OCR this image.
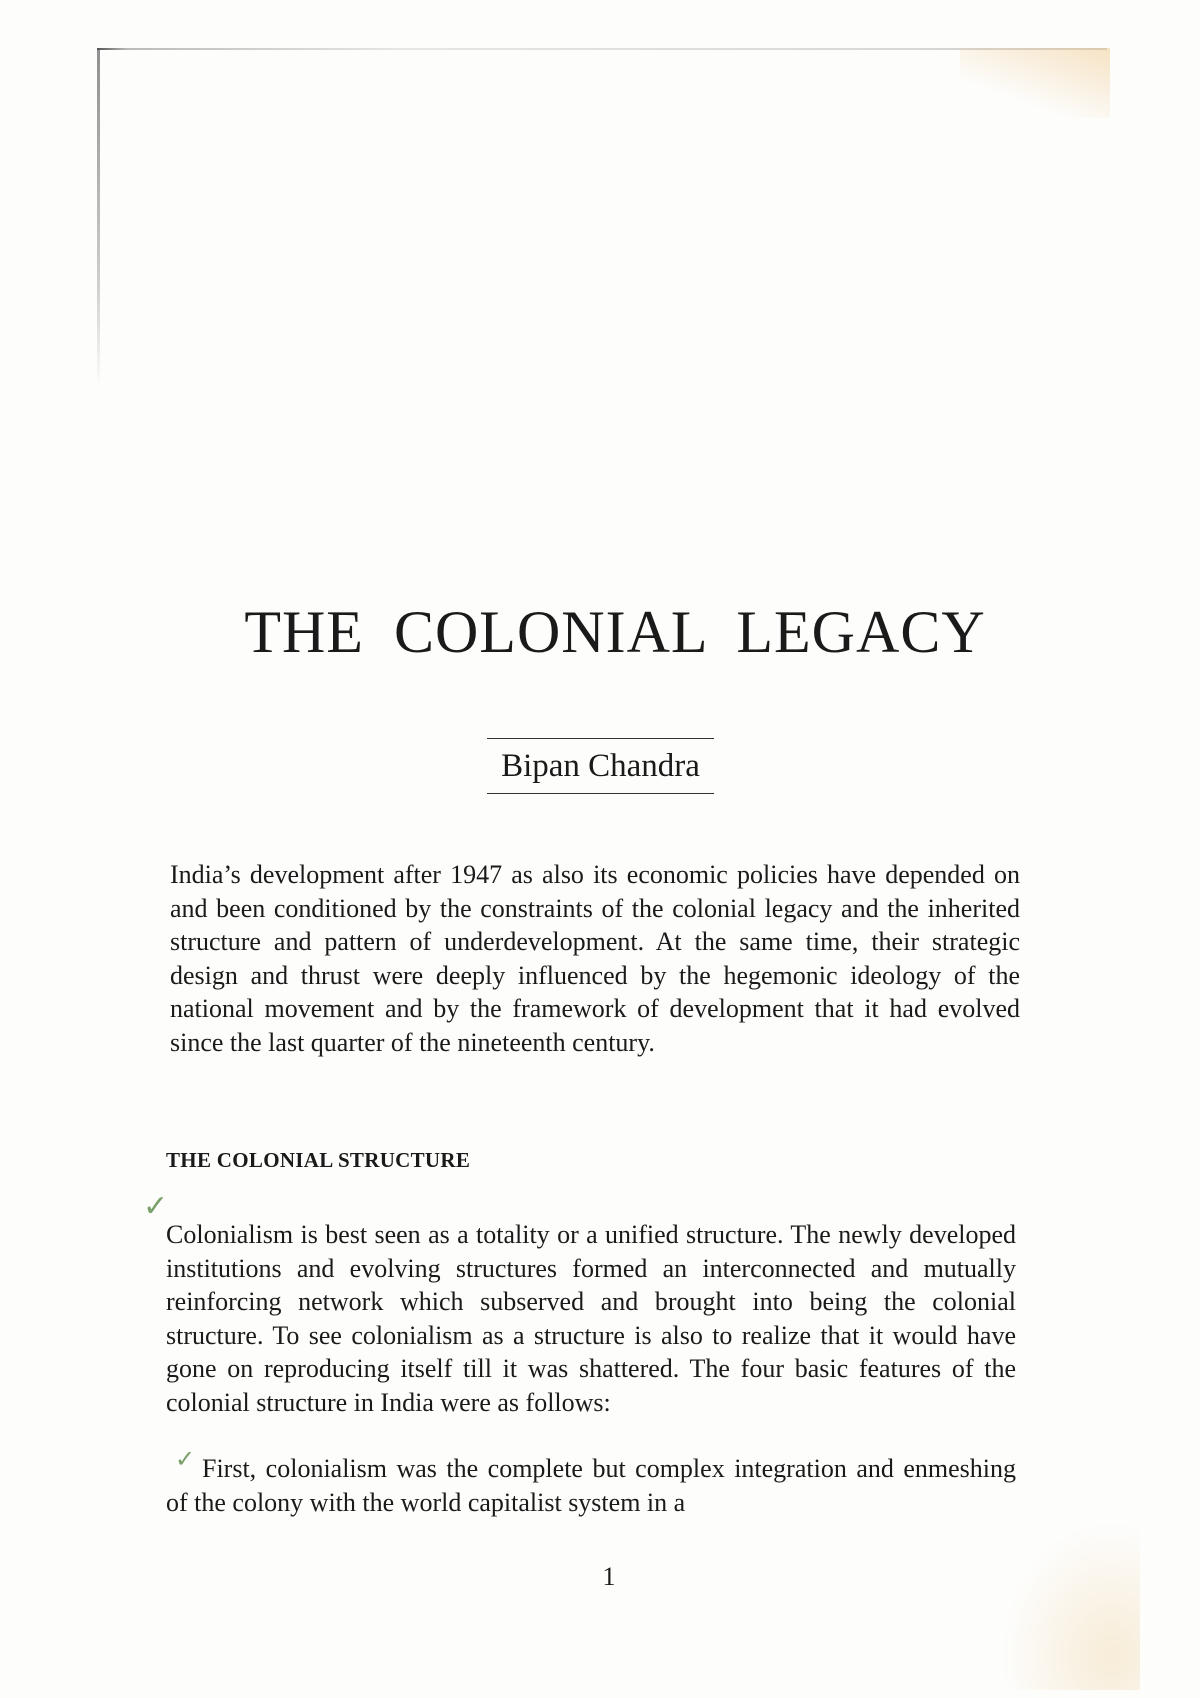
THE COLONIAL LEGACY
Bipan Chandra

India’s development after 1947 as also its economic policies have depended on and been conditioned by the constraints of the colonial legacy and the inherited structure and pattern of underdevelopment. At the same time, their strategic design and thrust were deeply influenced by the hegemonic ideology of the national movement and by the framework of development that it had evolved since the last quarter of the nineteenth century.

THE COLONIAL STRUCTURE
✓

Colonialism is best seen as a totality or a unified structure. The newly developed institutions and evolving structures formed an interconnected and mutually reinforcing network which subserved and brought into being the colonial structure. To see colonialism as a structure is also to realize that it would have gone on reproducing itself till it was shattered. The four basic features of the colonial structure in India were as follows:

✓ First, colonialism was the complete but complex integration and enmeshing of the colony with the world capitalist system in a

1
